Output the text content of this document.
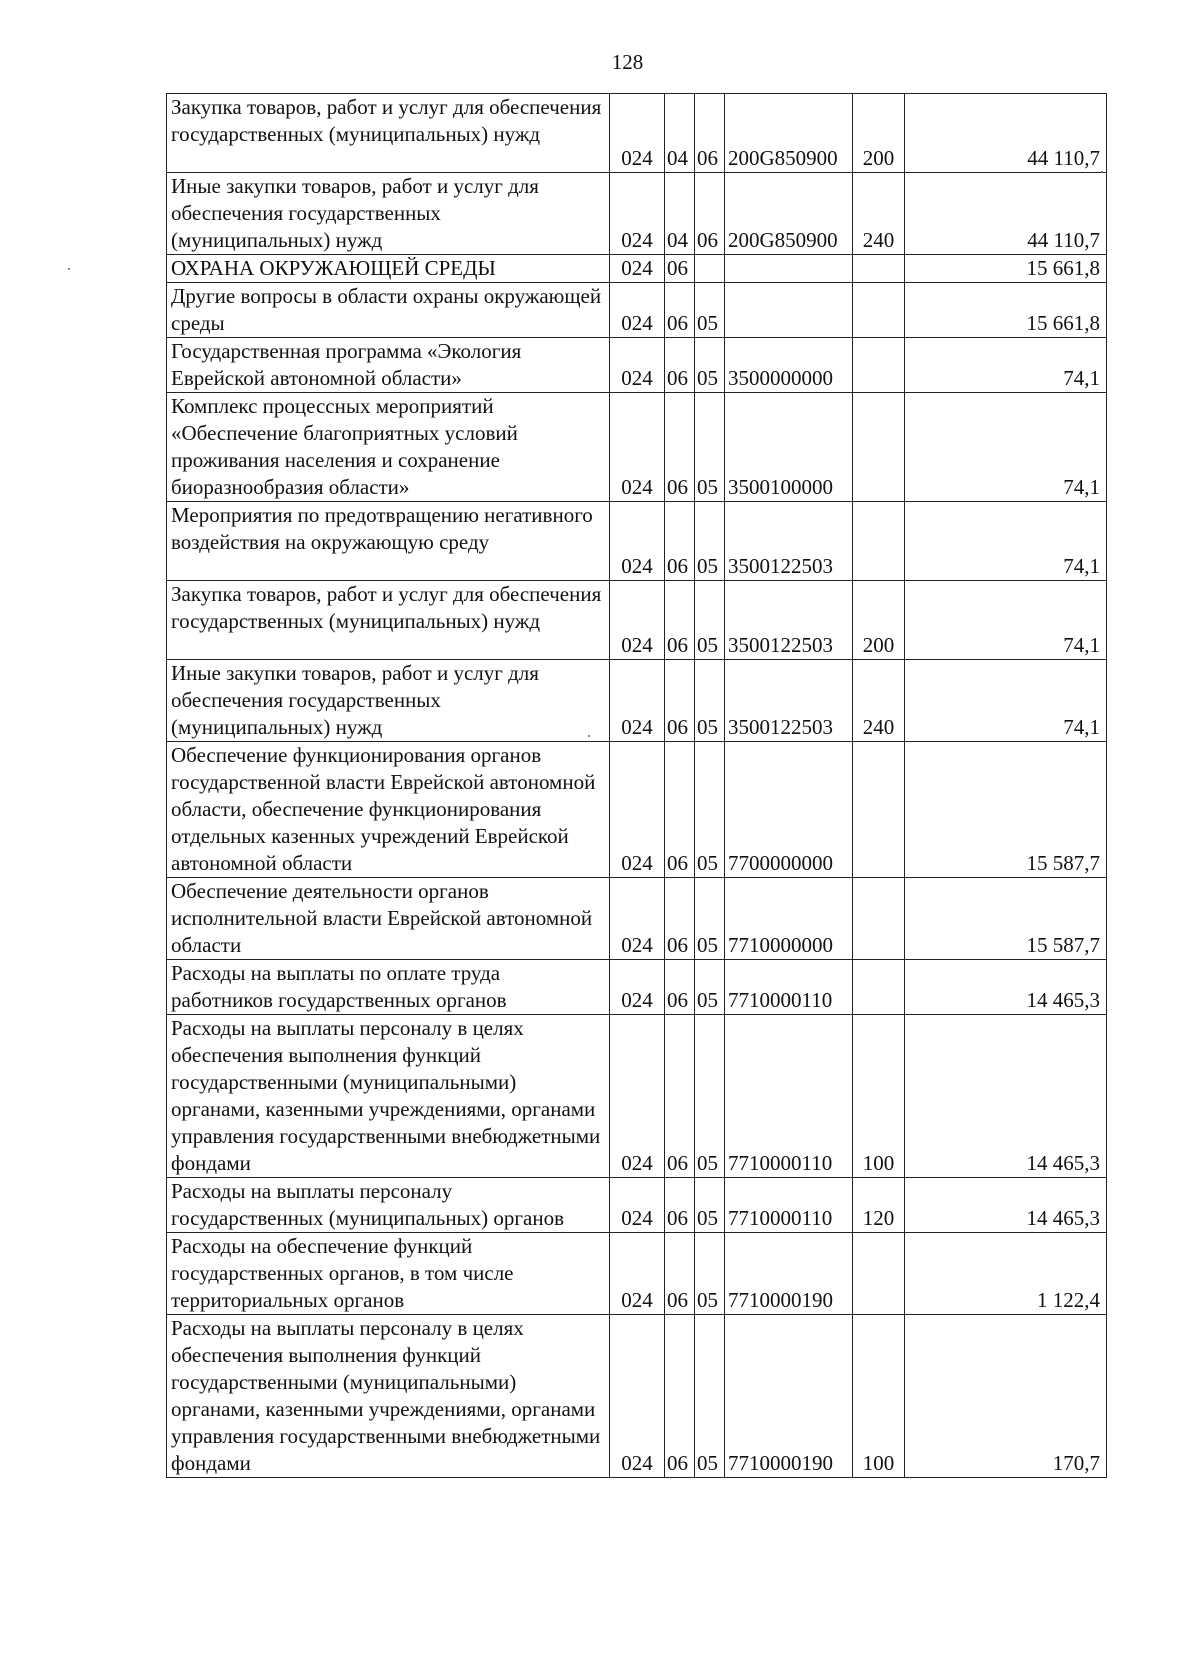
128
Закупка товаров, работ и услуг для обеспечения государственных (муниципальных) нужд	024	04	06	200G850900	200	44 110,7
Иные закупки товаров, работ и услуг для обеспечения государственных (муниципальных) нужд	024	04	06	200G850900	240	44 110,7
ОХРАНА ОКРУЖАЮЩЕЙ СРЕДЫ	024	06				15 661,8
Другие вопросы в области охраны окружающей среды	024	06	05			15 661,8
Государственная программа «Экология Еврейской автономной области»	024	06	05	3500000000		74,1
Комплекс процессных мероприятий «Обеспечение благоприятных условий проживания населения и сохранение биоразнообразия области»	024	06	05	3500100000		74,1
Мероприятия по предотвращению негативного воздействия на окружающую среду	024	06	05	3500122503		74,1
Закупка товаров, работ и услуг для обеспечения государственных (муниципальных) нужд	024	06	05	3500122503	200	74,1
Иные закупки товаров, работ и услуг для обеспечения государственных (муниципальных) нужд	024	06	05	3500122503	240	74,1
Обеспечение функционирования органов государственной власти Еврейской автономной области, обеспечение функционирования отдельных казенных учреждений Еврейской автономной области	024	06	05	7700000000		15 587,7
Обеспечение деятельности органов исполнительной власти Еврейской автономной области	024	06	05	7710000000		15 587,7
Расходы на выплаты по оплате труда работников государственных органов	024	06	05	7710000110		14 465,3
Расходы на выплаты персоналу в целях обеспечения выполнения функций государственными (муниципальными) органами, казенными учреждениями, органами управления государственными внебюджетными фондами	024	06	05	7710000110	100	14 465,3
Расходы на выплаты персоналу государственных (муниципальных) органов	024	06	05	7710000110	120	14 465,3
Расходы на обеспечение функций государственных органов, в том числе территориальных органов	024	06	05	7710000190		1 122,4
Расходы на выплаты персоналу в целях обеспечения выполнения функций государственными (муниципальными) органами, казенными учреждениями, органами управления государственными внебюджетными фондами	024	06	05	7710000190	100	170,7
